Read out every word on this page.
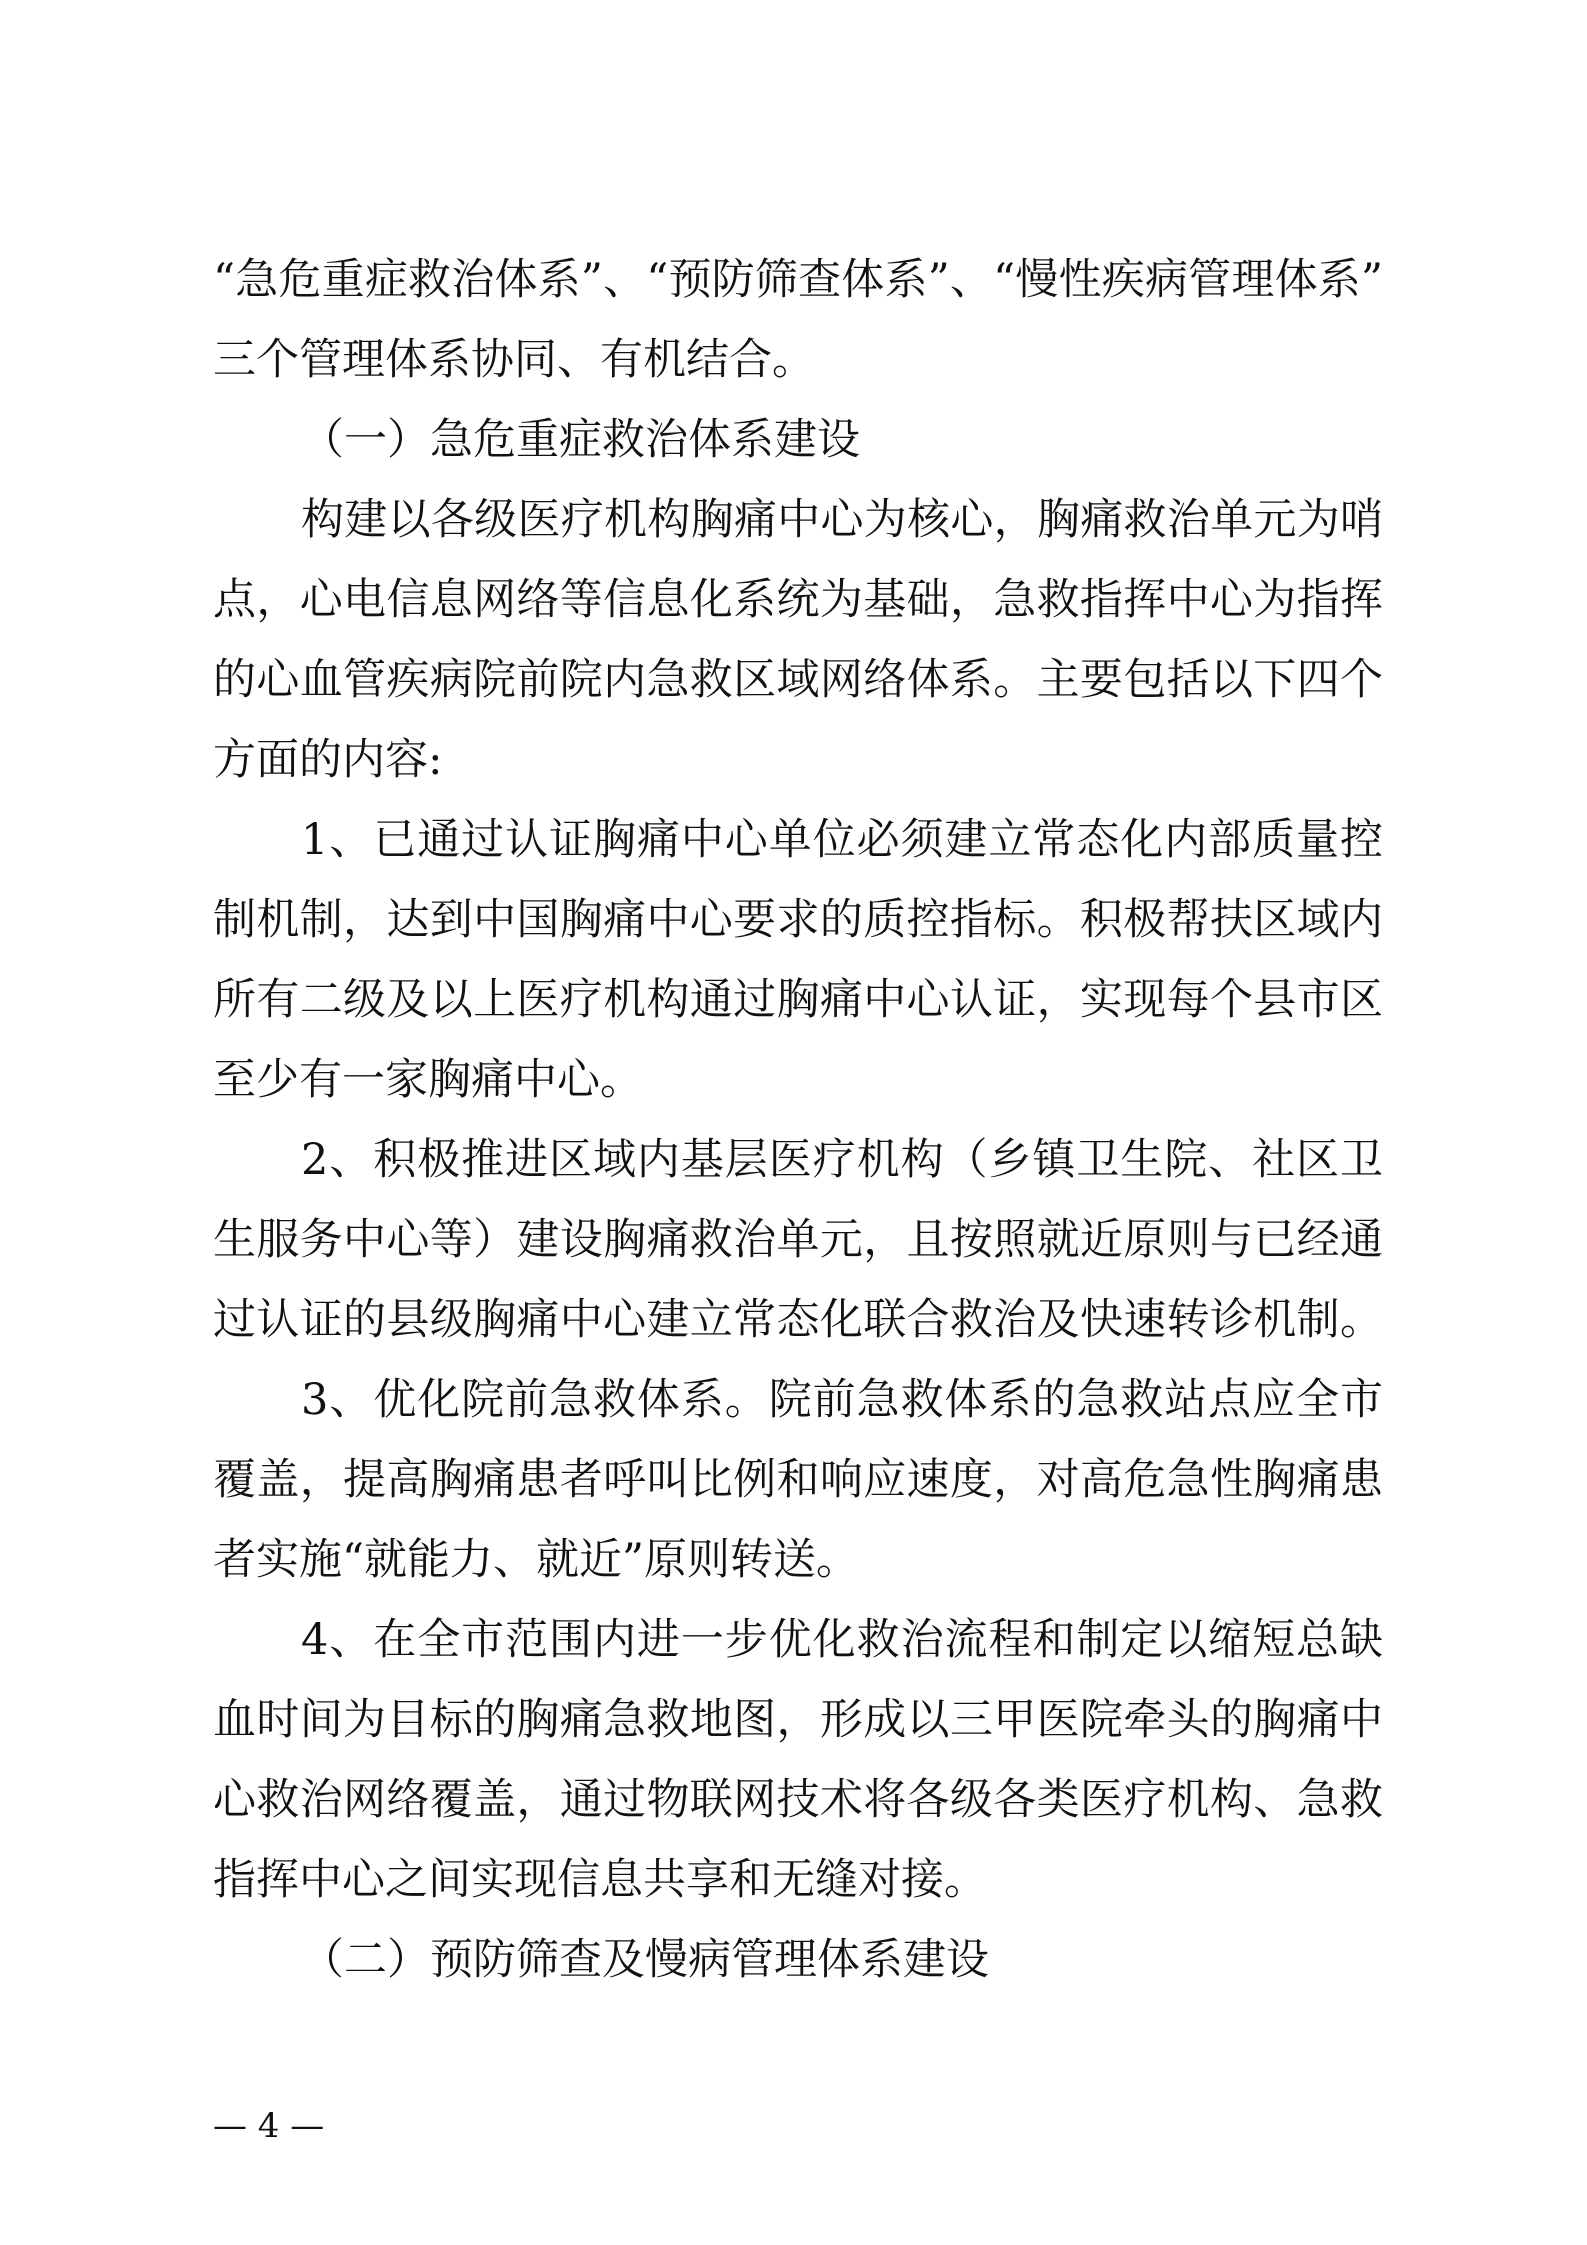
“急危重症救治体系”、“预防筛查体系”、“慢性疾病管理体系”
三个管理体系协同、有机结合。
（一）急危重症救治体系建设
构建以各级医疗机构胸痛中心为核心，胸痛救治单元为哨
点，心电信息网络等信息化系统为基础，急救指挥中心为指挥
的心血管疾病院前院内急救区域网络体系。主要包括以下四个
方面的内容:
1、已通过认证胸痛中心单位必须建立常态化内部质量控
制机制，达到中国胸痛中心要求的质控指标。积极帮扶区域内
所有二级及以上医疗机构通过胸痛中心认证，实现每个县市区
至少有一家胸痛中心。
2、积极推进区域内基层医疗机构（乡镇卫生院、社区卫
生服务中心等）建设胸痛救治单元，且按照就近原则与已经通
过认证的县级胸痛中心建立常态化联合救治及快速转诊机制。
3、优化院前急救体系。院前急救体系的急救站点应全市
覆盖，提高胸痛患者呼叫比例和响应速度，对高危急性胸痛患
者实施“就能力、就近”原则转送。
4、在全市范围内进一步优化救治流程和制定以缩短总缺
血时间为目标的胸痛急救地图，形成以三甲医院牵头的胸痛中
心救治网络覆盖，通过物联网技术将各级各类医疗机构、急救
指挥中心之间实现信息共享和无缝对接。
（二）预防筛查及慢病管理体系建设
— 4 —
